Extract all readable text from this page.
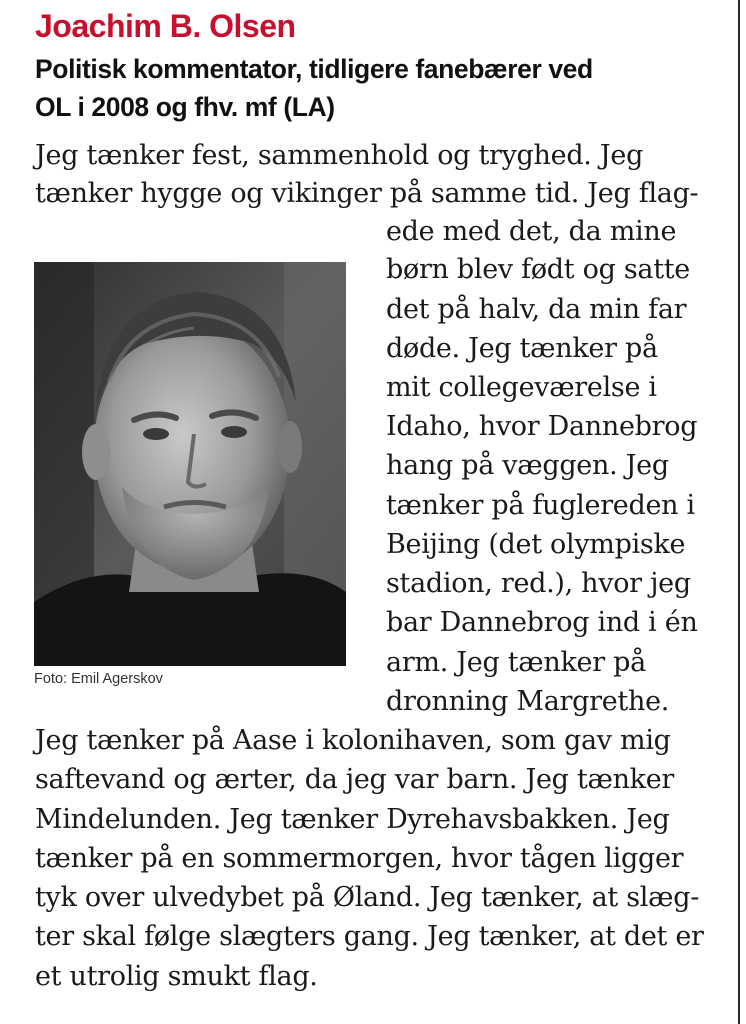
Joachim B. Olsen
Politisk kommentator, tidligere fanebærer ved
OL i 2008 og fhv. mf (LA)
Jeg tænker fest, sammenhold og tryghed. Jeg
tænker hygge og vikinger på samme tid. Jeg flag-
ede med det, da mine
børn blev født og satte
det på halv, da min far
døde. Jeg tænker på
mit collegeværelse i
Idaho, hvor Dannebrog
hang på væggen. Jeg
tænker på fuglereden i
Beijing (det olympiske
stadion, red.), hvor jeg
bar Dannebrog ind i én
arm. Jeg tænker på
dronning Margrethe.
Jeg tænker på Aase i kolonihaven, som gav mig
saftevand og ærter, da jeg var barn. Jeg tænker
Mindelunden. Jeg tænker Dyrehavsbakken. Jeg
tænker på en sommermorgen, hvor tågen ligger
tyk over ulvedybet på Øland. Jeg tænker, at slæg-
ter skal følge slægters gang. Jeg tænker, at det er
et utrolig smukt flag.
Foto: Emil Agerskov
